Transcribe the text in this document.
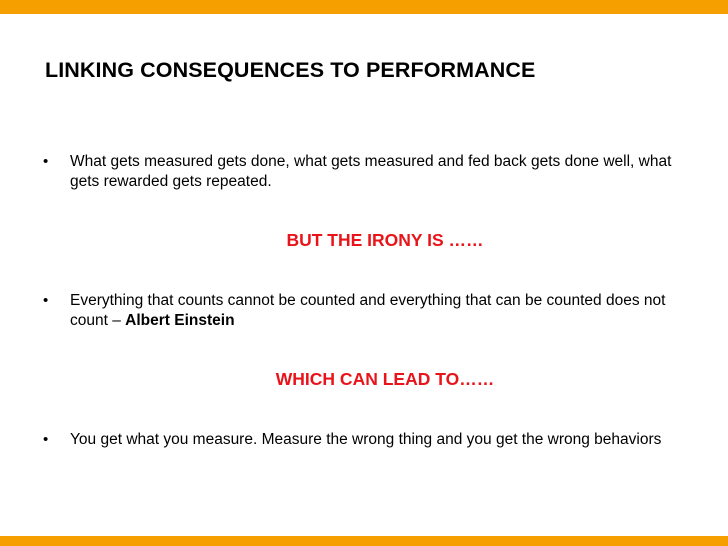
LINKING CONSEQUENCES TO PERFORMANCE
• What gets measured gets done, what gets measured and fed back gets done well, what gets rewarded gets repeated.
BUT THE IRONY IS ……
• Everything that counts cannot be counted and everything that can be counted does not count – Albert Einstein
WHICH CAN LEAD TO……
• You get what you measure. Measure the wrong thing and you get the wrong behaviors
